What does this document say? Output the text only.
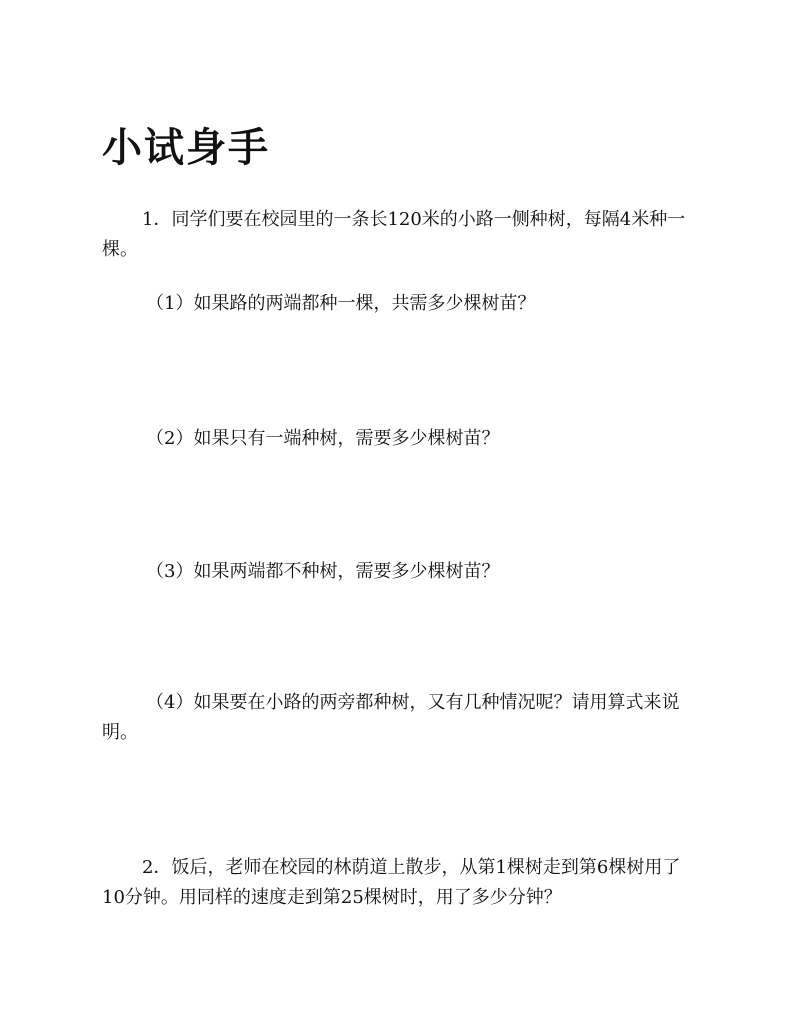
小试身手

1．同学们要在校园里的一条长120米的小路一侧种树，每隔4米种一棵。

（1）如果路的两端都种一棵，共需多少棵树苗？

（2）如果只有一端种树，需要多少棵树苗？

（3）如果两端都不种树，需要多少棵树苗？

（4）如果要在小路的两旁都种树，又有几种情况呢？请用算式来说明。

2．饭后，老师在校园的林荫道上散步，从第1棵树走到第6棵树用了10分钟。用同样的速度走到第25棵树时，用了多少分钟？
